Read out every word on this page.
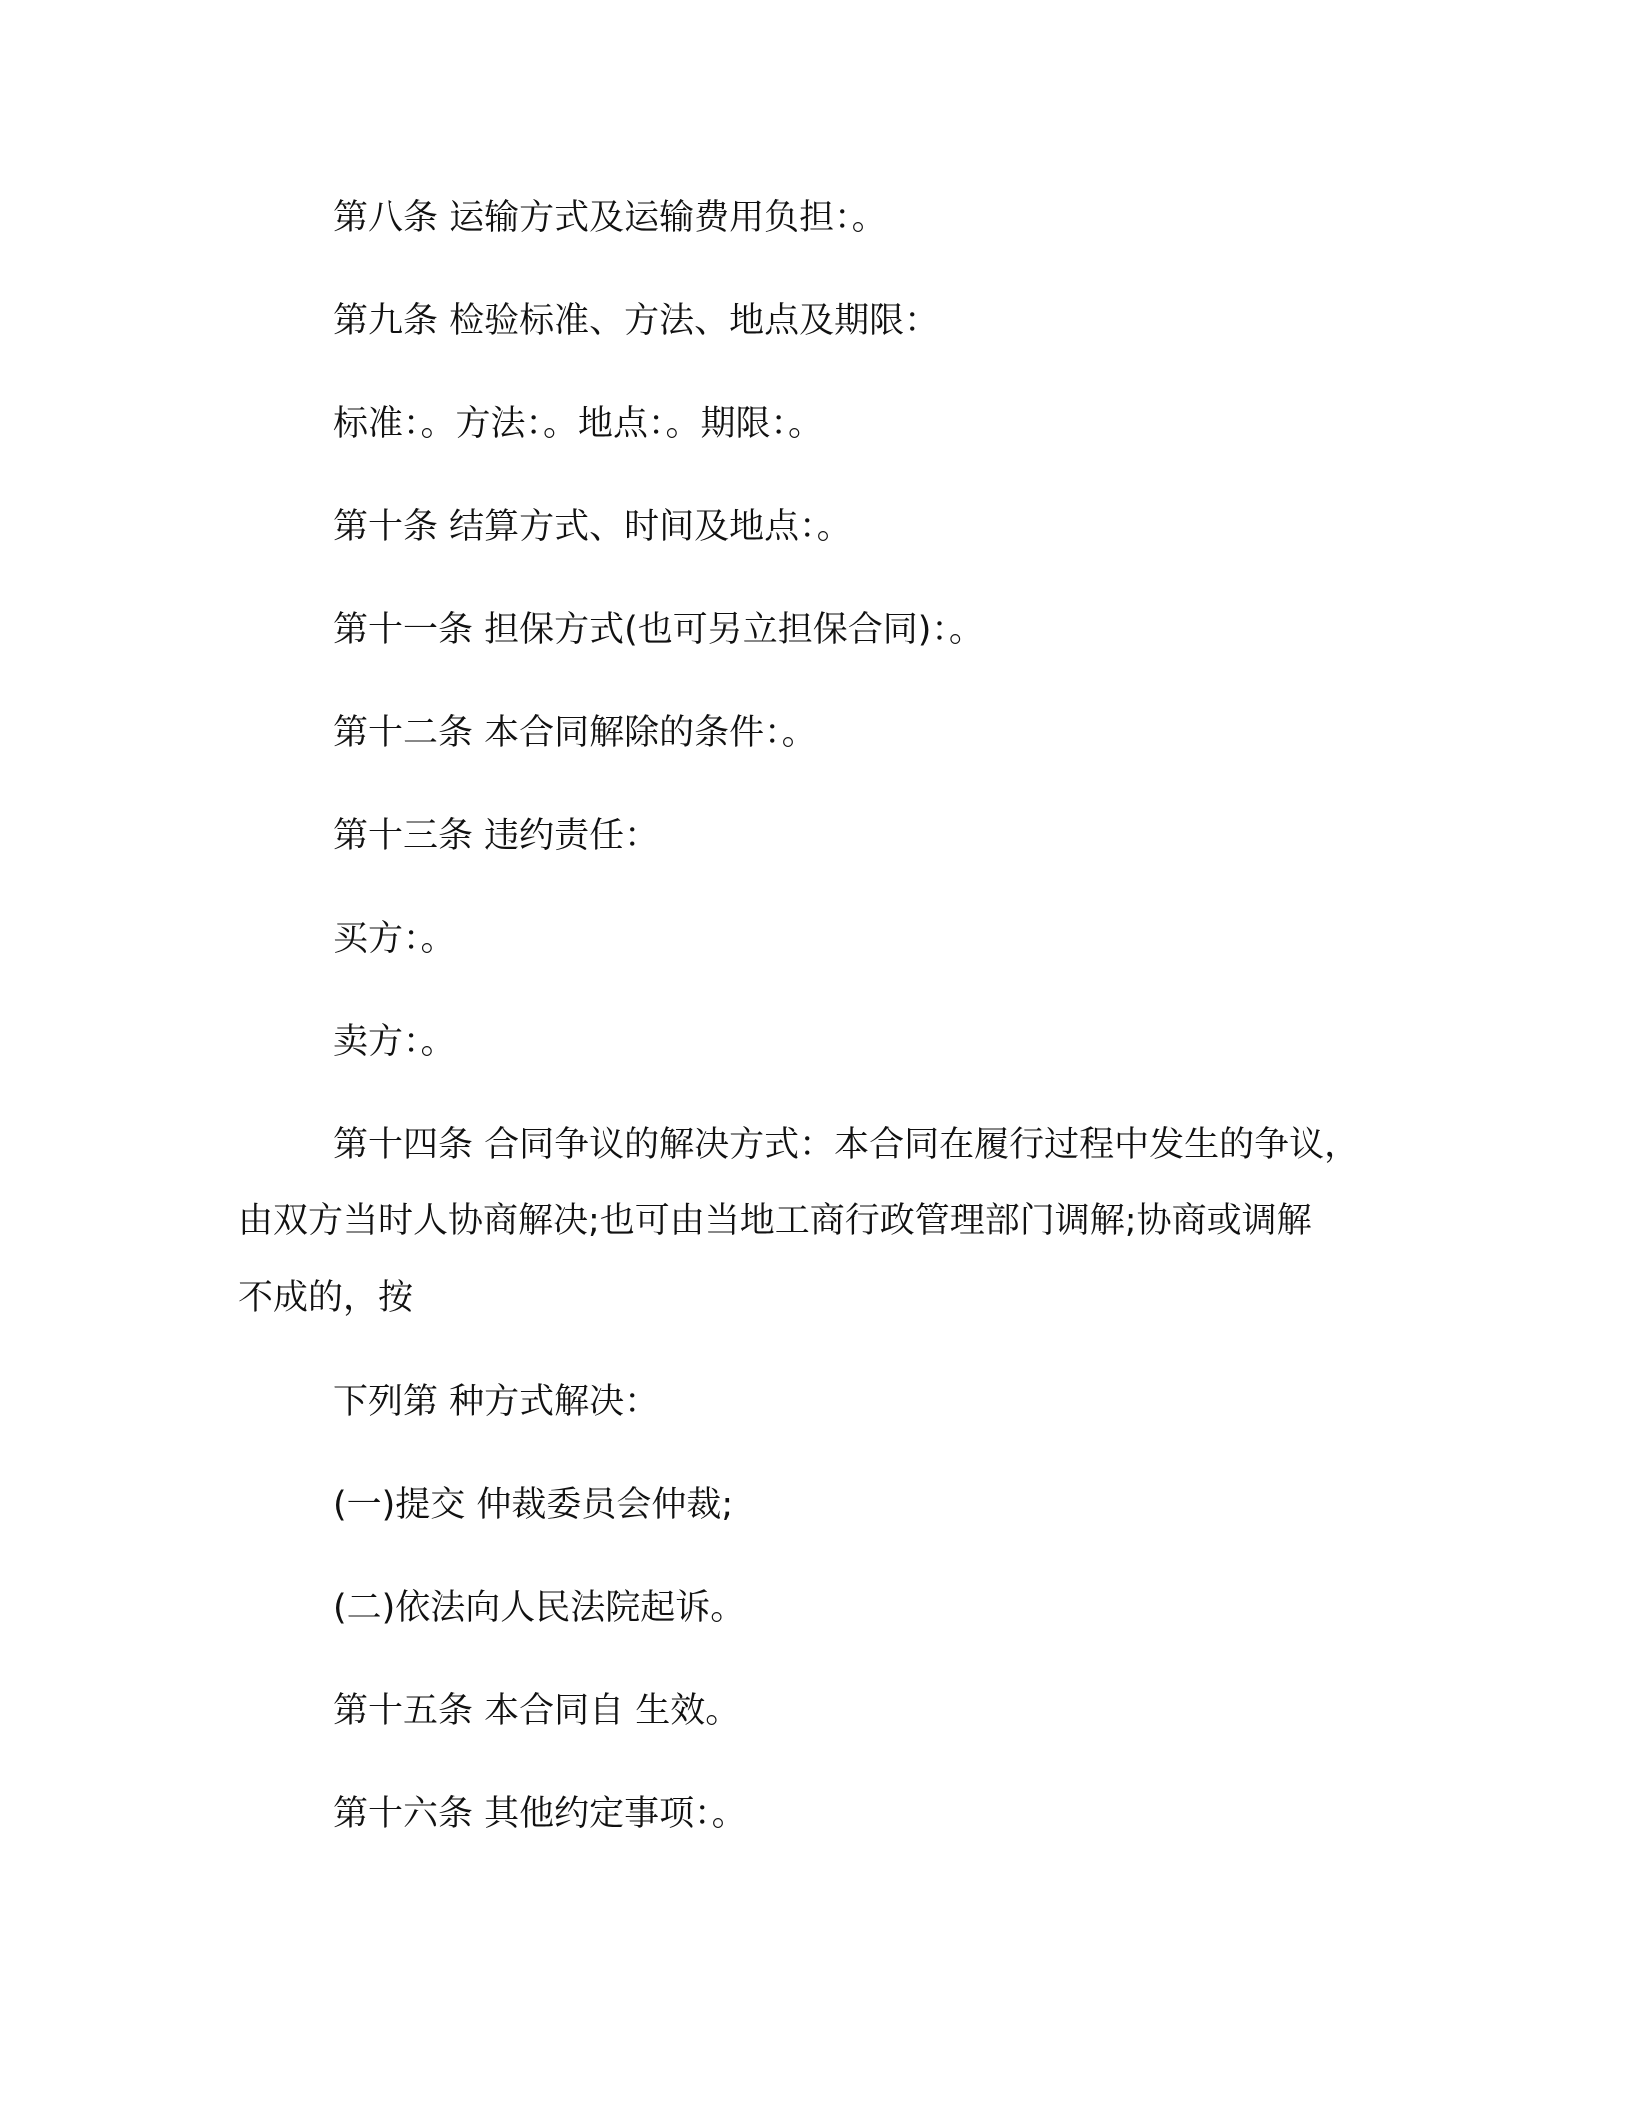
第八条 运输方式及运输费用负担：。
第九条 检验标准、方法、地点及期限：
标准：。方法：。地点：。期限：。
第十条 结算方式、时间及地点：。
第十一条 担保方式(也可另立担保合同)：。
第十二条 本合同解除的条件：。
第十三条 违约责任：
买方：。
卖方：。
第十四条 合同争议的解决方式：本合同在履行过程中发生的争议，
由双方当时人协商解决;也可由当地工商行政管理部门调解;协商或调解
不成的，按
下列第 种方式解决：
(一)提交 仲裁委员会仲裁;
(二)依法向人民法院起诉。
第十五条 本合同自 生效。
第十六条 其他约定事项：。
